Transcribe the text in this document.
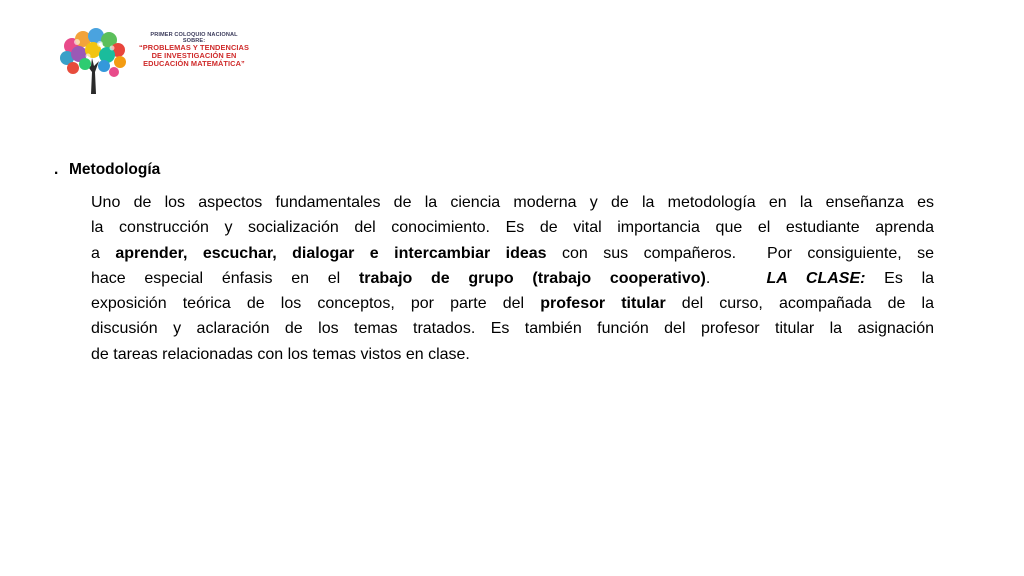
PRIMER COLOQUIO NACIONAL
SOBRE:
“PROBLEMAS Y TENDENCIAS
DE INVESTIGACIÓN EN
EDUCACIÓN MATEMÁTICA”
. Metodología
Uno de los aspectos fundamentales de la ciencia moderna y de la metodología en la enseñanza es
la construcción y socialización del conocimiento. Es de vital importancia que el estudiante aprenda
a aprender, escuchar, dialogar e intercambiar ideas con sus compañeros.  Por consiguiente, se
hace especial énfasis en el trabajo de grupo (trabajo cooperativo).   LA CLASE: Es la
exposición teórica de los conceptos, por parte del profesor titular del curso, acompañada de la
discusión y aclaración de los temas tratados. Es también función del profesor titular la asignación
de tareas relacionadas con los temas vistos en clase.
